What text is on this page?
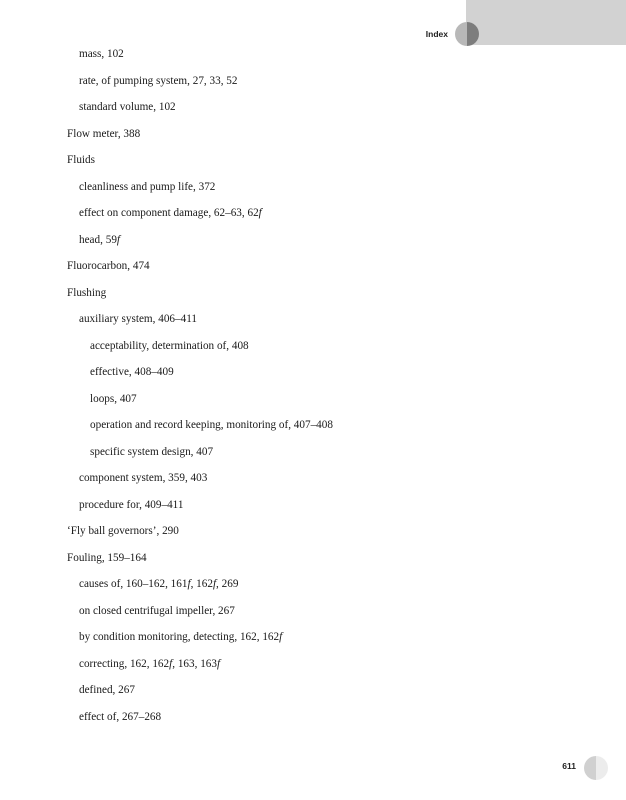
Index
mass, 102
rate, of pumping system, 27, 33, 52
standard volume, 102
Flow meter, 388
Fluids
cleanliness and pump life, 372
effect on component damage, 62–63, 62f
head, 59f
Fluorocarbon, 474
Flushing
auxiliary system, 406–411
acceptability, determination of, 408
effective, 408–409
loops, 407
operation and record keeping, monitoring of, 407–408
specific system design, 407
component system, 359, 403
procedure for, 409–411
‘Fly ball governors’, 290
Fouling, 159–164
causes of, 160–162, 161f, 162f, 269
on closed centrifugal impeller, 267
by condition monitoring, detecting, 162, 162f
correcting, 162, 162f, 163, 163f
defined, 267
effect of, 267–268
611
